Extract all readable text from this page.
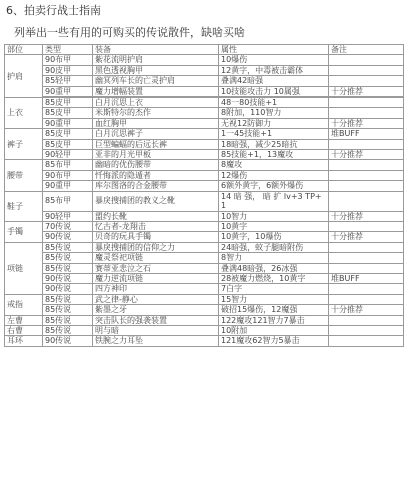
6、拍卖行战士指南
列举出一些有用的可购买的传说散件，缺啥买啥
部位	类型	装备	属性	备注
护肩	90布甲	紫花流明护肩	10爆伤	
	90皮甲	黑色透视胸甲	12黄字，中毒被击霸体	
	85轻甲	幽冥列车长的亡灵护肩	叠满42暗强	
	90重甲	魔力增幅装置	10技能攻击力 10属强	十分推荐

上衣	85皮甲	白月沉思上衣	48一80技能+1	
	85皮甲	米斯特尔的杰作	8附加，110智力	
	90重甲	血红胸甲	无视12防御力	十分推荐
裤子	85皮甲	白月沉思裤子	1一45技能+1	堆BUFF
	85皮甲	巨型蝙蝠的后远长裤	18暗强，减少25暗抗	
	90轻甲	亚非的月光甲板	85技能+1，13魔攻	十分推荐
腰带	85布甲	幽暗的优伤腰带	8魔攻	
	90布甲	忏悔派的隐遁者	12爆伤	
	90重甲	库尔图洛的合金腰带	6额外黄字，6额外爆伤	
鞋子	85布甲	暴戾搜捕团的教义之靴	14 暗 强， 暗 扩 lv+3 TP+1	
	90轻甲	盟约长靴	10智力	十分推荐
手镯	70传说	忆古者-龙翔击	10黄字	
	90传说	贝奇的玩具手镯	10黄字，10爆伤	十分推荐
项链	85传说	暴戾搜捕团的信仰之力	24暗强，蚊子腿暗附伤	
	85传说	魔灵祭祀项链	8智力	
	85传说	赛蒂亚悲泣之石	叠满48暗强，26冰强	
	90传说	魔力逆流项链	28被魔力燃烧，10黄字	堆BUFF
	90传说	四方神印	7白字	
戒指	85传说	武之律-静心	15智力	
	85传说	紫墨之牙	破招15爆伤，12魔强	十分推荐
左曹	85传说	突击队长的强袭装置	122魔攻121智力7暴击	
右曹	85传说	明与暗	10附加	
耳环	90传说	铁腕之力耳坠	121魔攻62智力5暴击	
